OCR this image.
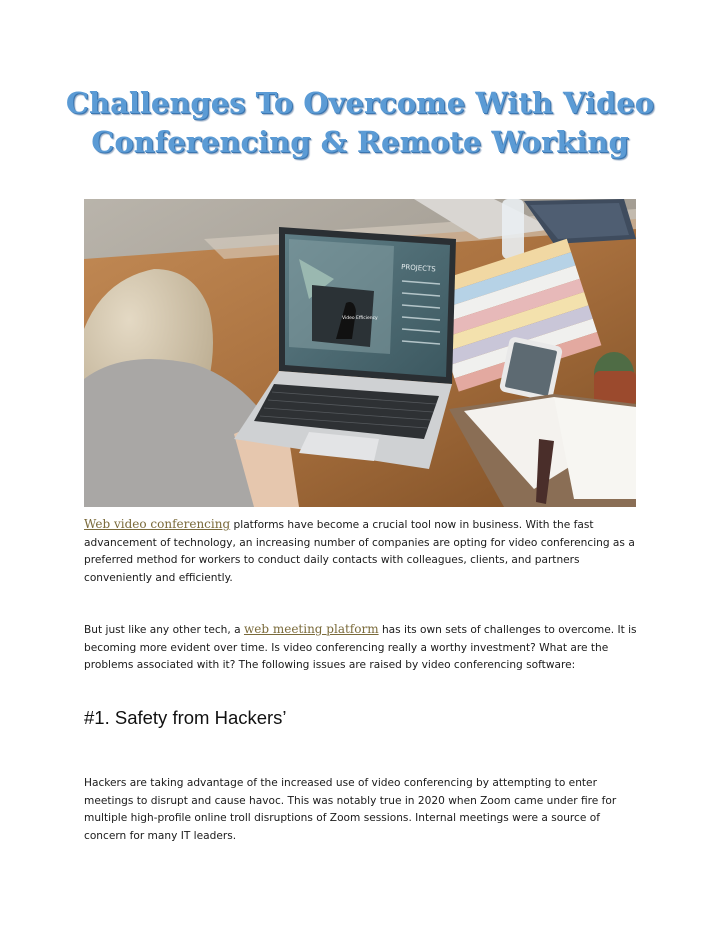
Challenges To Overcome With Video Conferencing & Remote Working
PROJECTS
Video Efficiency

Web video conferencing platforms have become a crucial tool now in business. With the fast advancement of technology, an increasing number of companies are opting for video conferencing as a preferred method for workers to conduct daily contacts with colleagues, clients, and partners conveniently and efficiently.

But just like any other tech, a web meeting platform has its own sets of challenges to overcome. It is becoming more evident over time. Is video conferencing really a worthy investment? What are the problems associated with it? The following issues are raised by video conferencing software:

#1. Safety from Hackers’

Hackers are taking advantage of the increased use of video conferencing by attempting to enter meetings to disrupt and cause havoc. This was notably true in 2020 when Zoom came under fire for multiple high-profile online troll disruptions of Zoom sessions. Internal meetings were a source of concern for many IT leaders.
